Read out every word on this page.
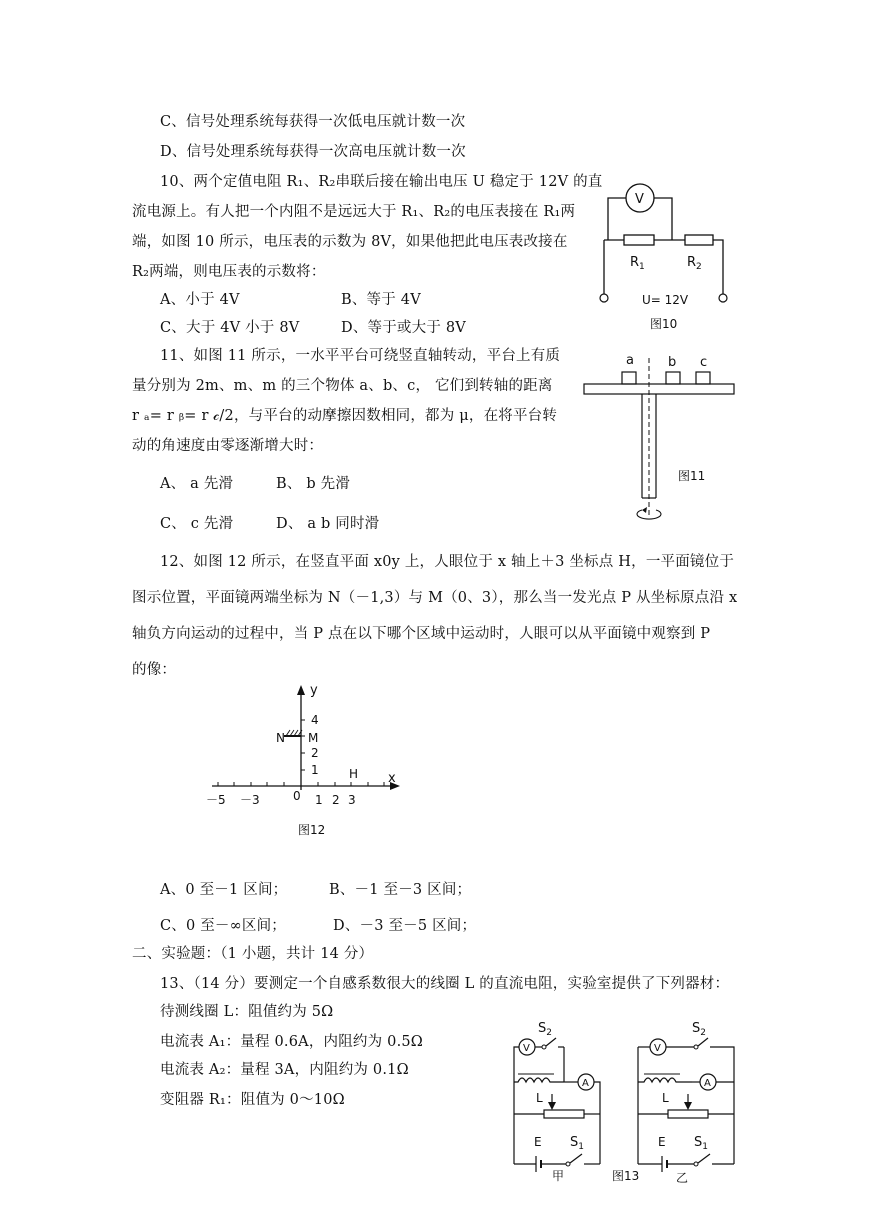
C、信号处理系统每获得一次低电压就计数一次
D、信号处理系统每获得一次高电压就计数一次
10、两个定值电阻 R₁、R₂串联后接在输出电压 U 稳定于 12V 的直
流电源上。有人把一个内阻不是远远大于 R₁、R₂的电压表接在 R₁两
端，如图 10 所示，电压表的示数为 8V，如果他把此电压表改接在
R₂两端，则电压表的示数将：
A、小于 4V	B、等于 4V
C、大于 4V 小于 8V	D、等于或大于 8V
V
$R_1$	$R_2$
U= 12V
图10
11、如图 11 所示，一水平平台可绕竖直轴转动，平台上有质
量分别为 2m、m、m 的三个物体 a、b、c， 它们到转轴的距离
r ₐ= r ᵦ= r 𝒸/2，与平台的动摩擦因数相同，都为 μ，在将平台转
动的角速度由零逐渐增大时：
A、 a 先滑	B、 b 先滑
C、 c 先滑	D、 a b 同时滑
a	b c
图11
12、如图 12 所示，在竖直平面 x0y 上，人眼位于 x 轴上＋3 坐标点 H，一平面镜位于
图示位置，平面镜两端坐标为 N（－1,3）与 M（0、3），那么当一发光点 P 从坐标原点沿 x
轴负方向运动的过程中，当 P 点在以下哪个区域中运动时，人眼可以从平面镜中观察到 P
的像：
y
x
4
N M
2
1	H
0
－5 －3	1 2 3
图12
A、0 至－1 区间；	B、－1 至－3 区间；
C、0 至－∞区间；	D、－3 至－5 区间；
二、实验题：（1 小题，共计 14 分）
13、（14 分）要测定一个自感系数很大的线圈 L 的直流电阻，实验室提供了下列器材：
待测线圈 L：阻值约为 5Ω
电流表 A₁：量程 0.6A，内阻约为 0.5Ω
电流表 A₂：量程 3A，内阻约为 0.1Ω
变阻器 R₁：阻值为 0～10Ω
$S_2$
V
A
L
E $S_1$
甲
$S_2$
V
A
L
E $S_1$
乙
图13
